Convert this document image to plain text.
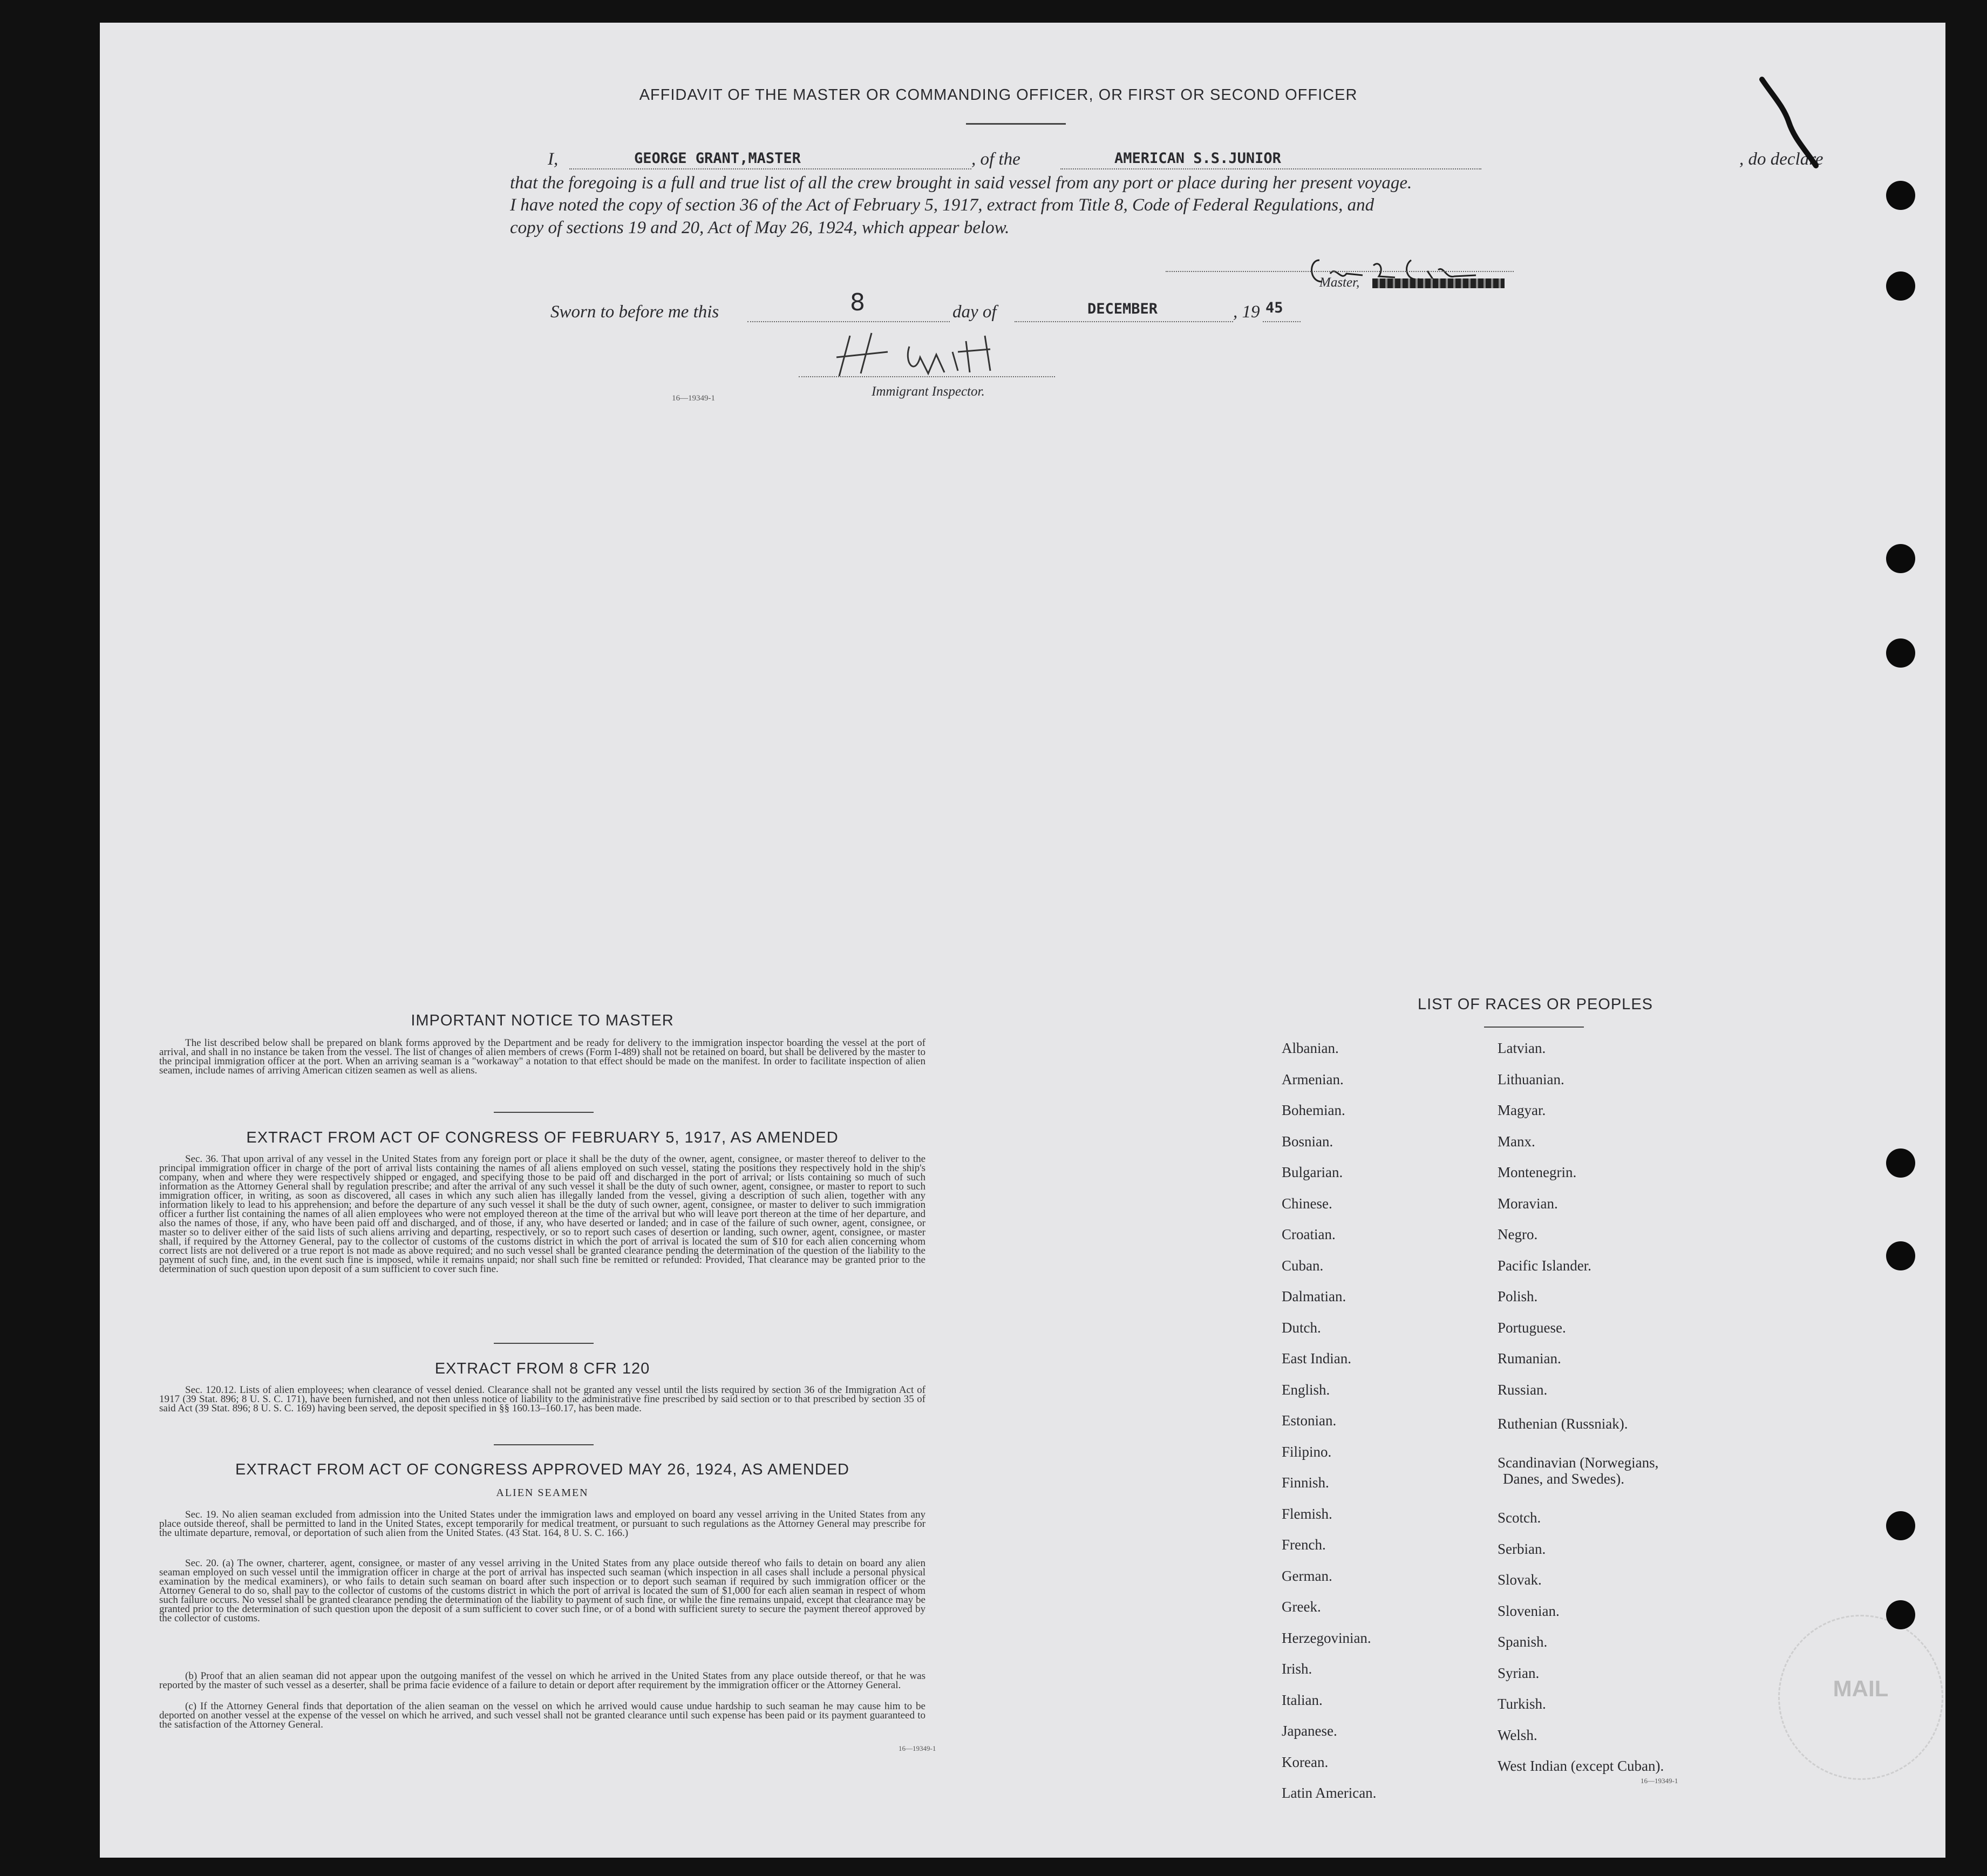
AFFIDAVIT OF THE MASTER OR COMMANDING OFFICER, OR FIRST OR SECOND OFFICER
I,	GEORGE GRANT,MASTER	, of the	AMERICAN S.S.JUNIOR	, do declare
that the foregoing is a full and true list of all the crew brought in said vessel from any port or place during her present voyage.
I have noted the copy of section 36 of the Act of February 5, 1917, extract from Title 8, Code of Federal Regulations, and
copy of sections 19 and 20, Act of May 26, 1924, which appear below.
Master,
Sworn to before me this	8	day of	DECEMBER	, 19 45
16—19349-1	Immigrant Inspector.
IMPORTANT NOTICE TO MASTER
The list described below shall be prepared on blank forms approved by the Department and be ready for delivery to the immigration inspector boarding the vessel at the port of arrival, and shall in no instance be taken from the vessel. The list of changes of alien members of crews (Form I-489) shall not be retained on board, but shall be delivered by the master to the principal immigration officer at the port. When an arriving seaman is a "workaway" a notation to that effect should be made on the manifest. In order to facilitate inspection of alien seamen, include names of arriving American citizen seamen as well as aliens.
EXTRACT FROM ACT OF CONGRESS OF FEBRUARY 5, 1917, AS AMENDED
Sec. 36. That upon arrival of any vessel in the United States from any foreign port or place it shall be the duty of the owner, agent, consignee, or master thereof to deliver to the principal immigration officer in charge of the port of arrival lists containing the names of all aliens employed on such vessel, stating the positions they respectively hold in the ship's company, when and where they were respectively shipped or engaged, and specifying those to be paid off and discharged in the port of arrival; or lists containing so much of such information as the Attorney General shall by regulation prescribe; and after the arrival of any such vessel it shall be the duty of such owner, agent, consignee, or master to report to such immigration officer, in writing, as soon as discovered, all cases in which any such alien has illegally landed from the vessel, giving a description of such alien, together with any information likely to lead to his apprehension; and before the departure of any such vessel it shall be the duty of such owner, agent, consignee, or master to deliver to such immigration officer a further list containing the names of all alien employees who were not employed thereon at the time of the arrival but who will leave port thereon at the time of her departure, and also the names of those, if any, who have been paid off and discharged, and of those, if any, who have deserted or landed; and in case of the failure of such owner, agent, consignee, or master so to deliver either of the said lists of such aliens arriving and departing, respectively, or so to report such cases of desertion or landing, such owner, agent, consignee, or master shall, if required by the Attorney General, pay to the collector of customs of the customs district in which the port of arrival is located the sum of $10 for each alien concerning whom correct lists are not delivered or a true report is not made as above required; and no such vessel shall be granted clearance pending the determination of the question of the liability to the payment of such fine, and, in the event such fine is imposed, while it remains unpaid; nor shall such fine be remitted or refunded: Provided, That clearance may be granted prior to the determination of such question upon deposit of a sum sufficient to cover such fine.
EXTRACT FROM 8 CFR 120
Sec. 120.12. Lists of alien employees; when clearance of vessel denied. Clearance shall not be granted any vessel until the lists required by section 36 of the Immigration Act of 1917 (39 Stat. 896; 8 U. S. C. 171), have been furnished, and not then unless notice of liability to the administrative fine prescribed by said section or to that prescribed by section 35 of said Act (39 Stat. 896; 8 U. S. C. 169) having been served, the deposit specified in §§ 160.13–160.17, has been made.
EXTRACT FROM ACT OF CONGRESS APPROVED MAY 26, 1924, AS AMENDED
ALIEN SEAMEN
Sec. 19. No alien seaman excluded from admission into the United States under the immigration laws and employed on board any vessel arriving in the United States from any place outside thereof, shall be permitted to land in the United States, except temporarily for medical treatment, or pursuant to such regulations as the Attorney General may prescribe for the ultimate departure, removal, or deportation of such alien from the United States. (43 Stat. 164, 8 U. S. C. 166.)
Sec. 20. (a) The owner, charterer, agent, consignee, or master of any vessel arriving in the United States from any place outside thereof who fails to detain on board any alien seaman employed on such vessel until the immigration officer in charge at the port of arrival has inspected such seaman (which inspection in all cases shall include a personal physical examination by the medical examiners), or who fails to detain such seaman on board after such inspection or to deport such seaman if required by such immigration officer or the Attorney General to do so, shall pay to the collector of customs of the customs district in which the port of arrival is located the sum of $1,000 for each alien seaman in respect of whom such failure occurs. No vessel shall be granted clearance pending the determination of the liability to payment of such fine, or while the fine remains unpaid, except that clearance may be granted prior to the determination of such question upon the deposit of a sum sufficient to cover such fine, or of a bond with sufficient surety to secure the payment thereof approved by the collector of customs.
(b) Proof that an alien seaman did not appear upon the outgoing manifest of the vessel on which he arrived in the United States from any place outside thereof, or that he was reported by the master of such vessel as a deserter, shall be prima facie evidence of a failure to detain or deport after requirement by the immigration officer or the Attorney General.
(c) If the Attorney General finds that deportation of the alien seaman on the vessel on which he arrived would cause undue hardship to such seaman he may cause him to be deported on another vessel at the expense of the vessel on which he arrived, and such vessel shall not be granted clearance until such expense has been paid or its payment guaranteed to the satisfaction of the Attorney General.
16—19349-1
LIST OF RACES OR PEOPLES
Albanian.
Armenian.
Bohemian.
Bosnian.
Bulgarian.
Chinese.
Croatian.
Cuban.
Dalmatian.
Dutch.
East Indian.
English.
Estonian.
Filipino.
Finnish.
Flemish.
French.
German.
Greek.
Herzegovinian.
Irish.
Italian.
Japanese.
Korean.
Latin American.
Latvian.
Lithuanian.
Magyar.
Manx.
Montenegrin.
Moravian.
Negro.
Pacific Islander.
Polish.
Portuguese.
Rumanian.
Russian.
Ruthenian (Russniak).
Scandinavian (Norwegians,
Danes, and Swedes).
Scotch.
Serbian.
Slovak.
Slovenian.
Spanish.
Syrian.
Turkish.
Welsh.
West Indian (except Cuban).
16—19349-1
MAIL
